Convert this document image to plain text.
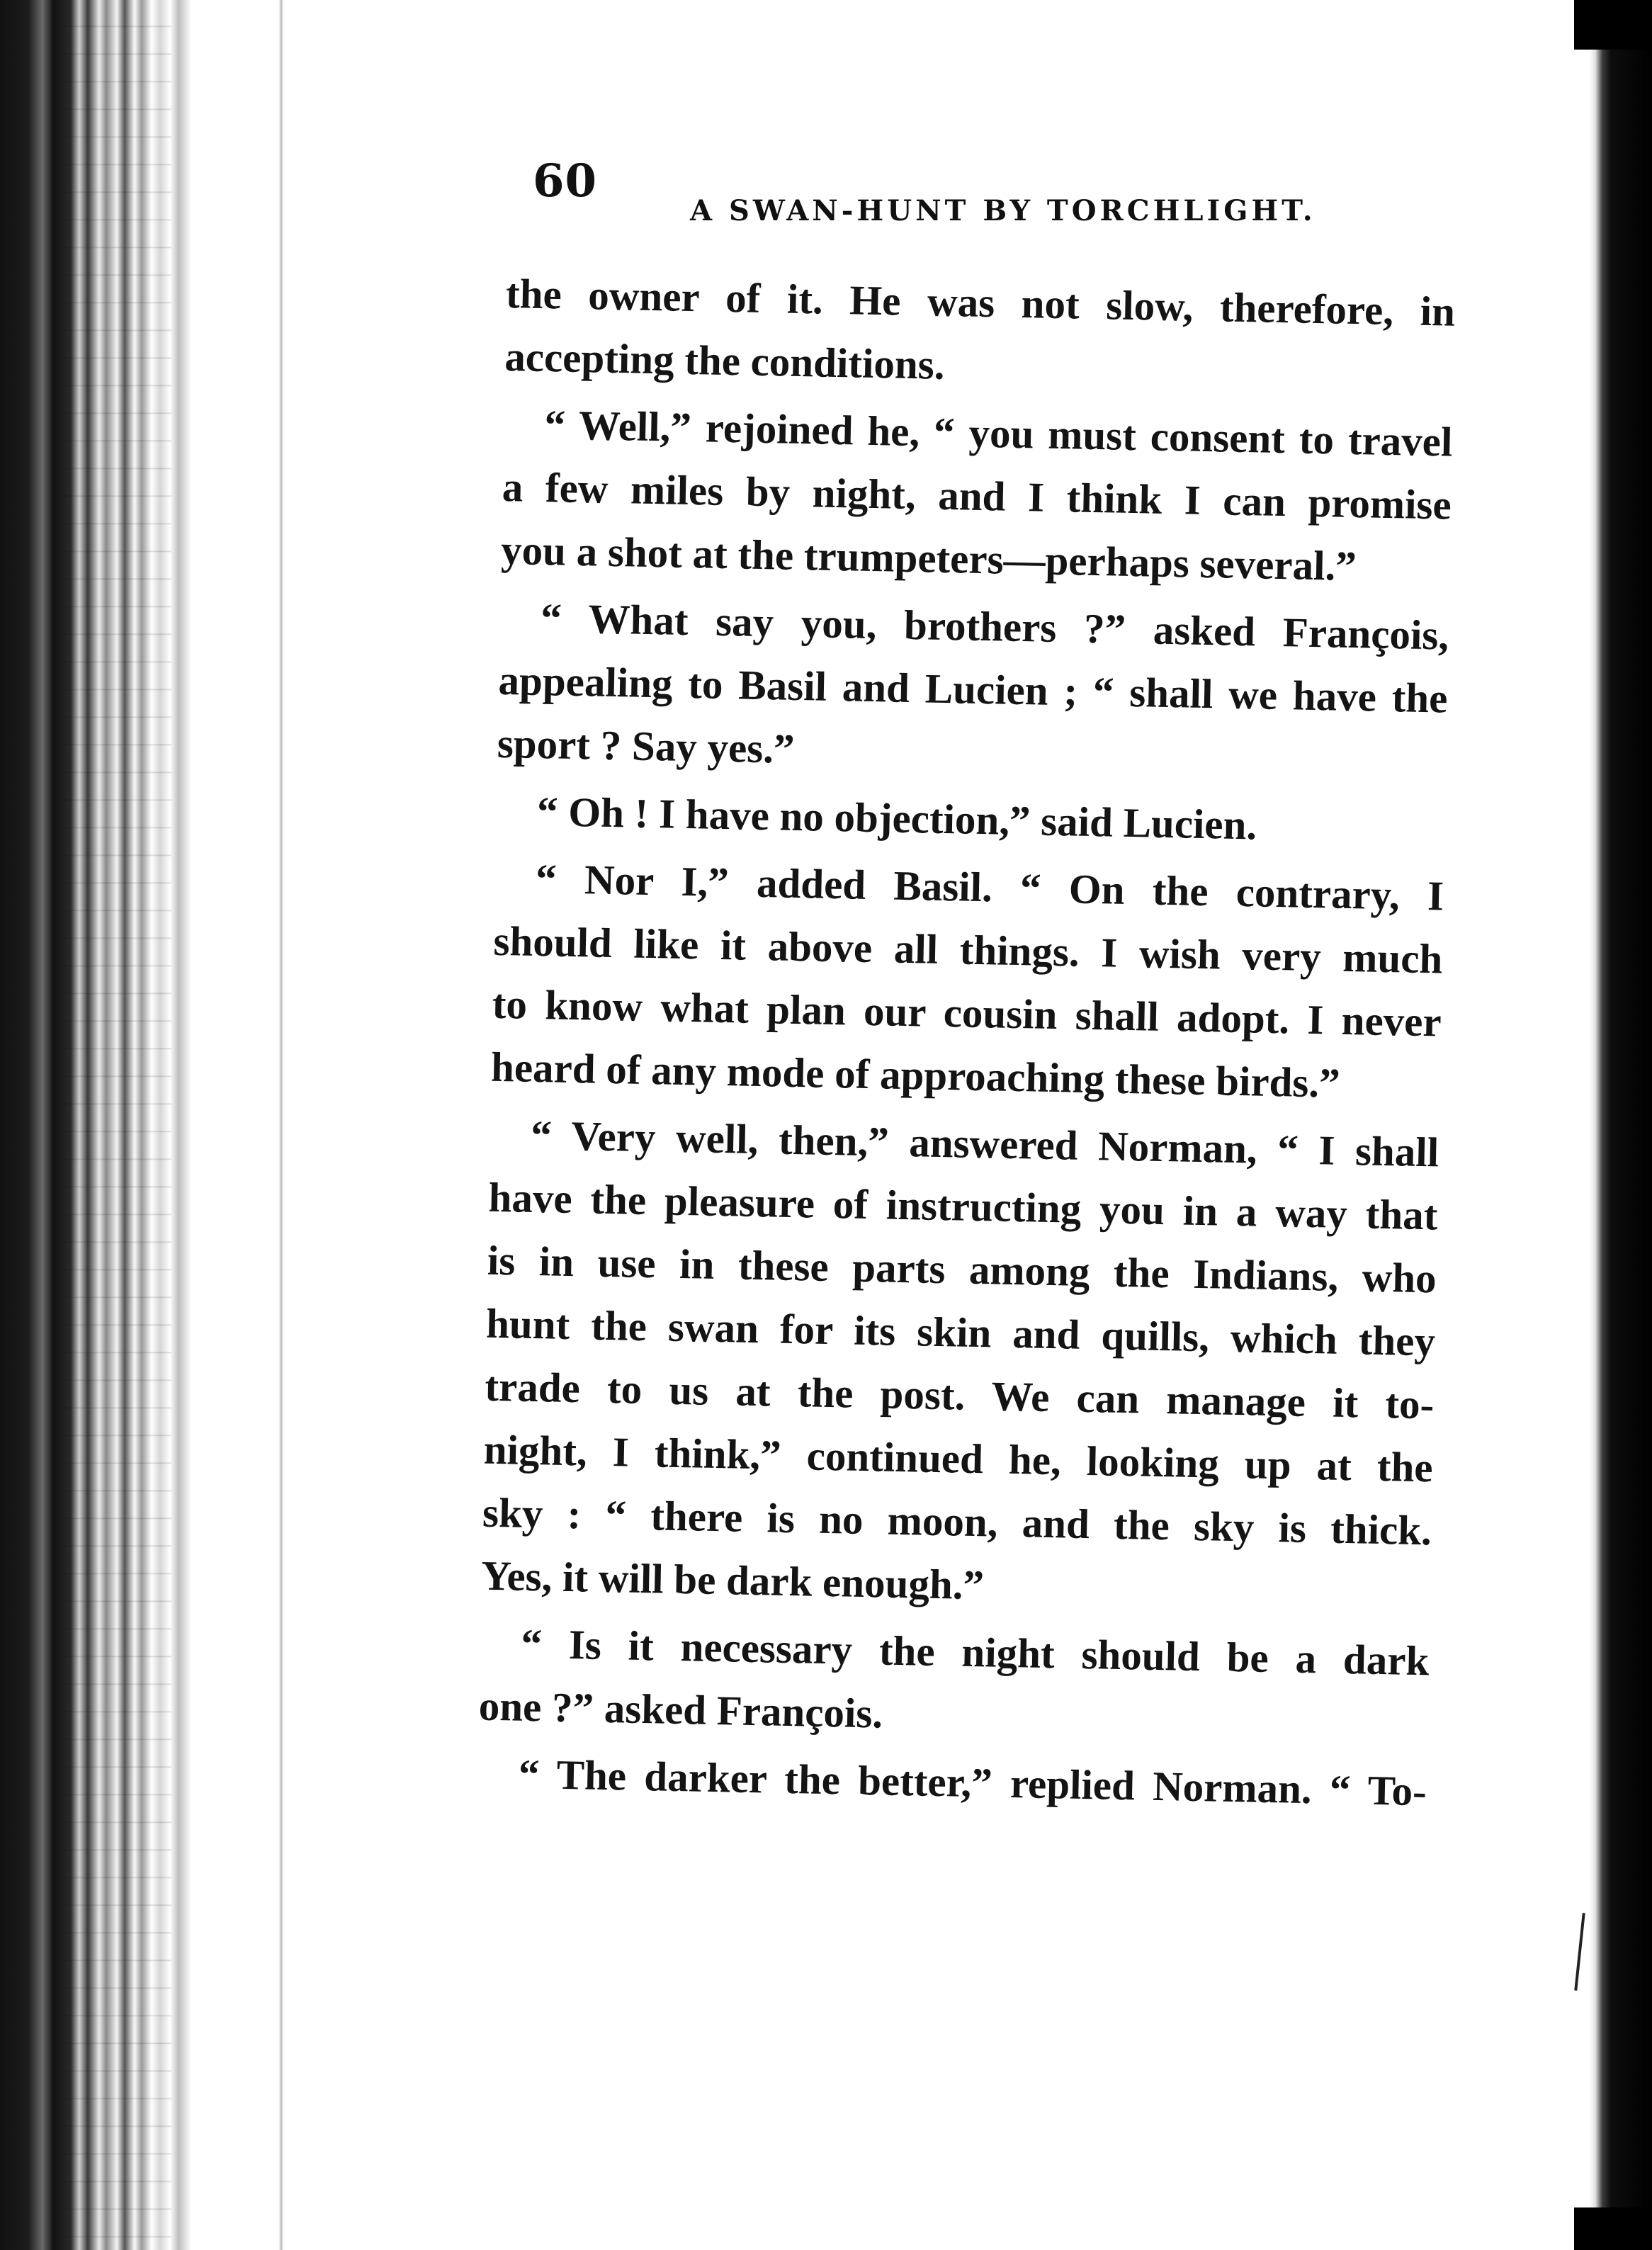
60
A SWAN-HUNT BY TORCHLIGHT.
the owner of it. He was not slow, therefore, in
accepting the conditions.
“ Well,” rejoined he, “ you must consent to travel
a few miles by night, and I think I can promise
you a shot at the trumpeters—perhaps several.”
“ What say you, brothers ?” asked François,
appealing to Basil and Lucien ; “ shall we have the
sport ? Say yes.”
“ Oh ! I have no objection,” said Lucien.
“ Nor I,” added Basil. “ On the contrary, I
should like it above all things. I wish very much
to know what plan our cousin shall adopt. I never
heard of any mode of approaching these birds.”
“ Very well, then,” answered Norman, “ I shall
have the pleasure of instructing you in a way that
is in use in these parts among the Indians, who
hunt the swan for its skin and quills, which they
trade to us at the post. We can manage it to-
night, I think,” continued he, looking up at the
sky : “ there is no moon, and the sky is thick.
Yes, it will be dark enough.”
“ Is it necessary the night should be a dark
one ?” asked François.
“ The darker the better,” replied Norman. “ To-
